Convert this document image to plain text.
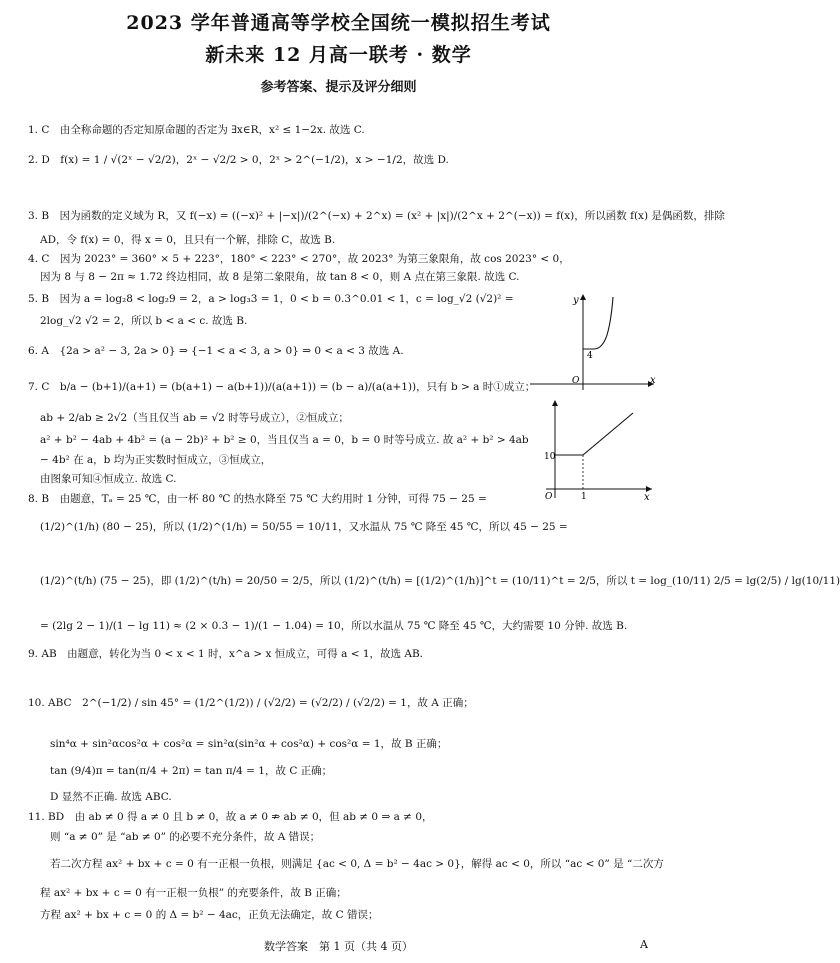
2023 学年普通高等学校全国统一模拟招生考试
新未来 12 月高一联考 · 数学
参考答案、提示及评分细则
1. C　由全称命题的否定知原命题的否定为 ∃x∈R，x² ≤ 1−2x. 故选 C.
2. D　f(x) = 1 / √(2ˣ − √2/2)，2ˣ − √2/2 > 0，2ˣ > 2^(−1/2)，x > −1/2，故选 D.
3. B　因为函数的定义域为 R，又 f(−x) = ((−x)² + |−x|)/(2^(−x) + 2^x) = (x² + |x|)/(2^x + 2^(−x)) = f(x)，所以函数 f(x) 是偶函数，排除
AD，令 f(x) = 0，得 x = 0，且只有一个解，排除 C，故选 B.
4. C　因为 2023° = 360° × 5 + 223°，180° < 223° < 270°，故 2023° 为第三象限角，故 cos 2023° < 0，
因为 8 与 8 − 2π ≈ 1.72 终边相同，故 8 是第二象限角，故 tan 8 < 0，则 A 点在第三象限. 故选 C.
5. B　因为 a = log₂8 < log₂9 = 2，a > log₃3 = 1，0 < b = 0.3^0.01 < 1，c = log_√2 (√2)² =
2log_√2 √2 = 2，所以 b < a < c. 故选 B.
6. A　{2a > a² − 3, 2a > 0} ⇒ {−1 < a < 3, a > 0} ⇒ 0 < a < 3 故选 A.
7. C　b/a − (b+1)/(a+1) = (b(a+1) − a(b+1))/(a(a+1)) = (b − a)/(a(a+1))，只有 b > a 时①成立；
ab + 2/ab ≥ 2√2（当且仅当 ab = √2 时等号成立），②恒成立；
a² + b² − 4ab + 4b² = (a − 2b)² + b² ≥ 0，当且仅当 a = 0，b = 0 时等号成立. 故 a² + b² > 4ab
− 4b² 在 a，b 均为正实数时恒成立，③恒成立，
由图象可知④恒成立. 故选 C.
8. B　由题意，Tₐ = 25 ℃，由一杯 80 ℃ 的热水降至 75 ℃ 大约用时 1 分钟，可得 75 − 25 =
(1/2)^(1/h) (80 − 25)，所以 (1/2)^(1/h) = 50/55 = 10/11，又水温从 75 ℃ 降至 45 ℃，所以 45 − 25 =
(1/2)^(t/h) (75 − 25)，即 (1/2)^(t/h) = 20/50 = 2/5，所以 (1/2)^(t/h) = [(1/2)^(1/h)]^t = (10/11)^t = 2/5，所以 t = log_(10/11) 2/5 = lg(2/5) / lg(10/11)
= (2lg 2 − 1)/(1 − lg 11) ≈ (2 × 0.3 − 1)/(1 − 1.04) = 10，所以水温从 75 ℃ 降至 45 ℃，大约需要 10 分钟. 故选 B.
9. AB　由题意，转化为当 0 < x < 1 时，x^a > x 恒成立，可得 a < 1，故选 AB.
10. ABC　2^(−1/2) / sin 45° = (1/2^(1/2)) / (√2/2) = (√2/2) / (√2/2) = 1，故 A 正确；
sin⁴α + sin²αcos²α + cos²α = sin²α(sin²α + cos²α) + cos²α = 1，故 B 正确；
tan (9/4)π = tan(π/4 + 2π) = tan π/4 = 1，故 C 正确；
D 显然不正确. 故选 ABC.
11. BD　由 ab ≠ 0 得 a ≠ 0 且 b ≠ 0，故 a ≠ 0 ⇏ ab ≠ 0，但 ab ≠ 0 ⇒ a ≠ 0，
则 “a ≠ 0” 是 “ab ≠ 0” 的必要不充分条件，故 A 错误；
若二次方程 ax² + bx + c = 0 有一正根一负根，则满足 {ac < 0, Δ = b² − 4ac > 0}，解得 ac < 0，所以 “ac < 0” 是 “二次方
程 ax² + bx + c = 0 有一正根一负根” 的充要条件，故 B 正确；
方程 ax² + bx + c = 0 的 Δ = b² − 4ac，正负无法确定，故 C 错误；
y
x
O
4
x
O
10
1
数学答案　第 1 页（共 4 页）	A
